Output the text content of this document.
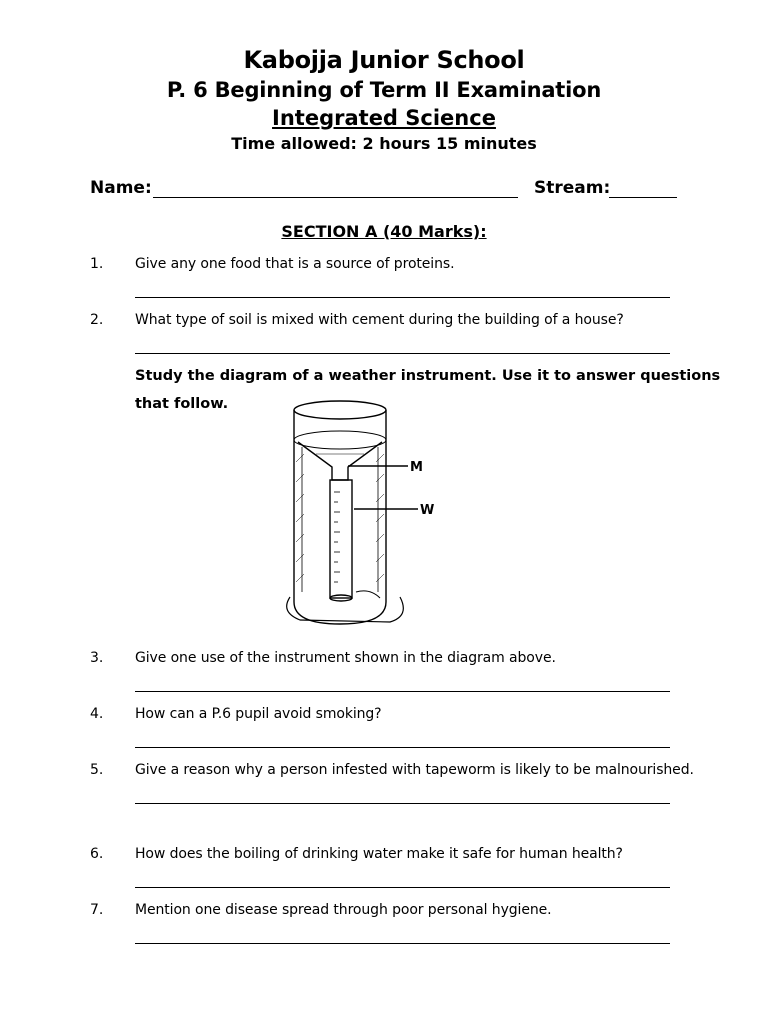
Kabojja Junior School
P. 6 Beginning of Term II Examination
Integrated Science
Time allowed: 2 hours 15 minutes
Name:	Stream:
SECTION A (40 Marks):
1. Give any one food that is a source of proteins.
2. What type of soil is mixed with cement during the building of a house?
Study the diagram of a weather instrument. Use it to answer questions
that follow.
M
W
3. Give one use of the instrument shown in the diagram above.
4. How can a P.6 pupil avoid smoking?
5. Give a reason why a person infested with tapeworm is likely to be malnourished.
6. How does the boiling of drinking water make it safe for human health?
7. Mention one disease spread through poor personal hygiene.
